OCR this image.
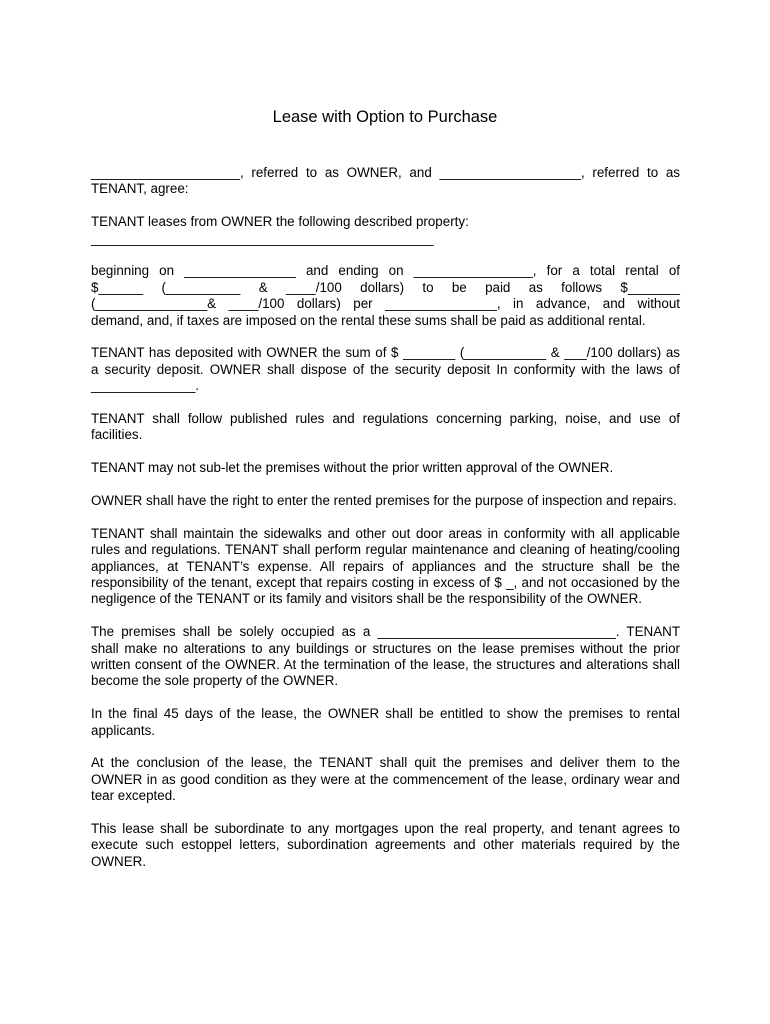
Lease with Option to Purchase
____________________, referred to as OWNER, and ___________________, referred to as
TENANT, agree:
TENANT leases from OWNER the following described property:
______________________________________________
beginning on _______________ and ending on ________________, for a total rental of
$______ (__________ & ____/100 dollars) to be paid as follows $_______
(_______________& ____/100 dollars) per _______________, in advance, and without
demand, and, if taxes are imposed on the rental these sums shall be paid as additional rental.
TENANT has deposited with OWNER the sum of $ _______ (___________ & ___/100 dollars) as
a security deposit. OWNER shall dispose of the security deposit In conformity with the laws of
______________.
TENANT shall follow published rules and regulations concerning parking, noise, and use of facilities.
TENANT may not sub-let the premises without the prior written approval of the OWNER.
OWNER shall have the right to enter the rented premises for the purpose of inspection and repairs.
TENANT shall maintain the sidewalks and other out door areas in conformity with all applicable rules and regulations. TENANT shall perform regular maintenance and cleaning of heating/cooling appliances, at TENANT’s expense. All repairs of appliances and the structure shall be the responsibility of the tenant, except that repairs costing in excess of $ _, and not occasioned by the negligence of the TENANT or its family and visitors shall be the responsibility of the OWNER.
The premises shall be solely occupied as a ________________________________. TENANT shall make no alterations to any buildings or structures on the lease premises without the prior written consent of the OWNER. At the termination of the lease, the structures and alterations shall become the sole property of the OWNER.
In the final 45 days of the lease, the OWNER shall be entitled to show the premises to rental applicants.
At the conclusion of the lease, the TENANT shall quit the premises and deliver them to the OWNER in as good condition as they were at the commencement of the lease, ordinary wear and tear excepted.
This lease shall be subordinate to any mortgages upon the real property, and tenant agrees to execute such estoppel letters, subordination agreements and other materials required by the OWNER.
